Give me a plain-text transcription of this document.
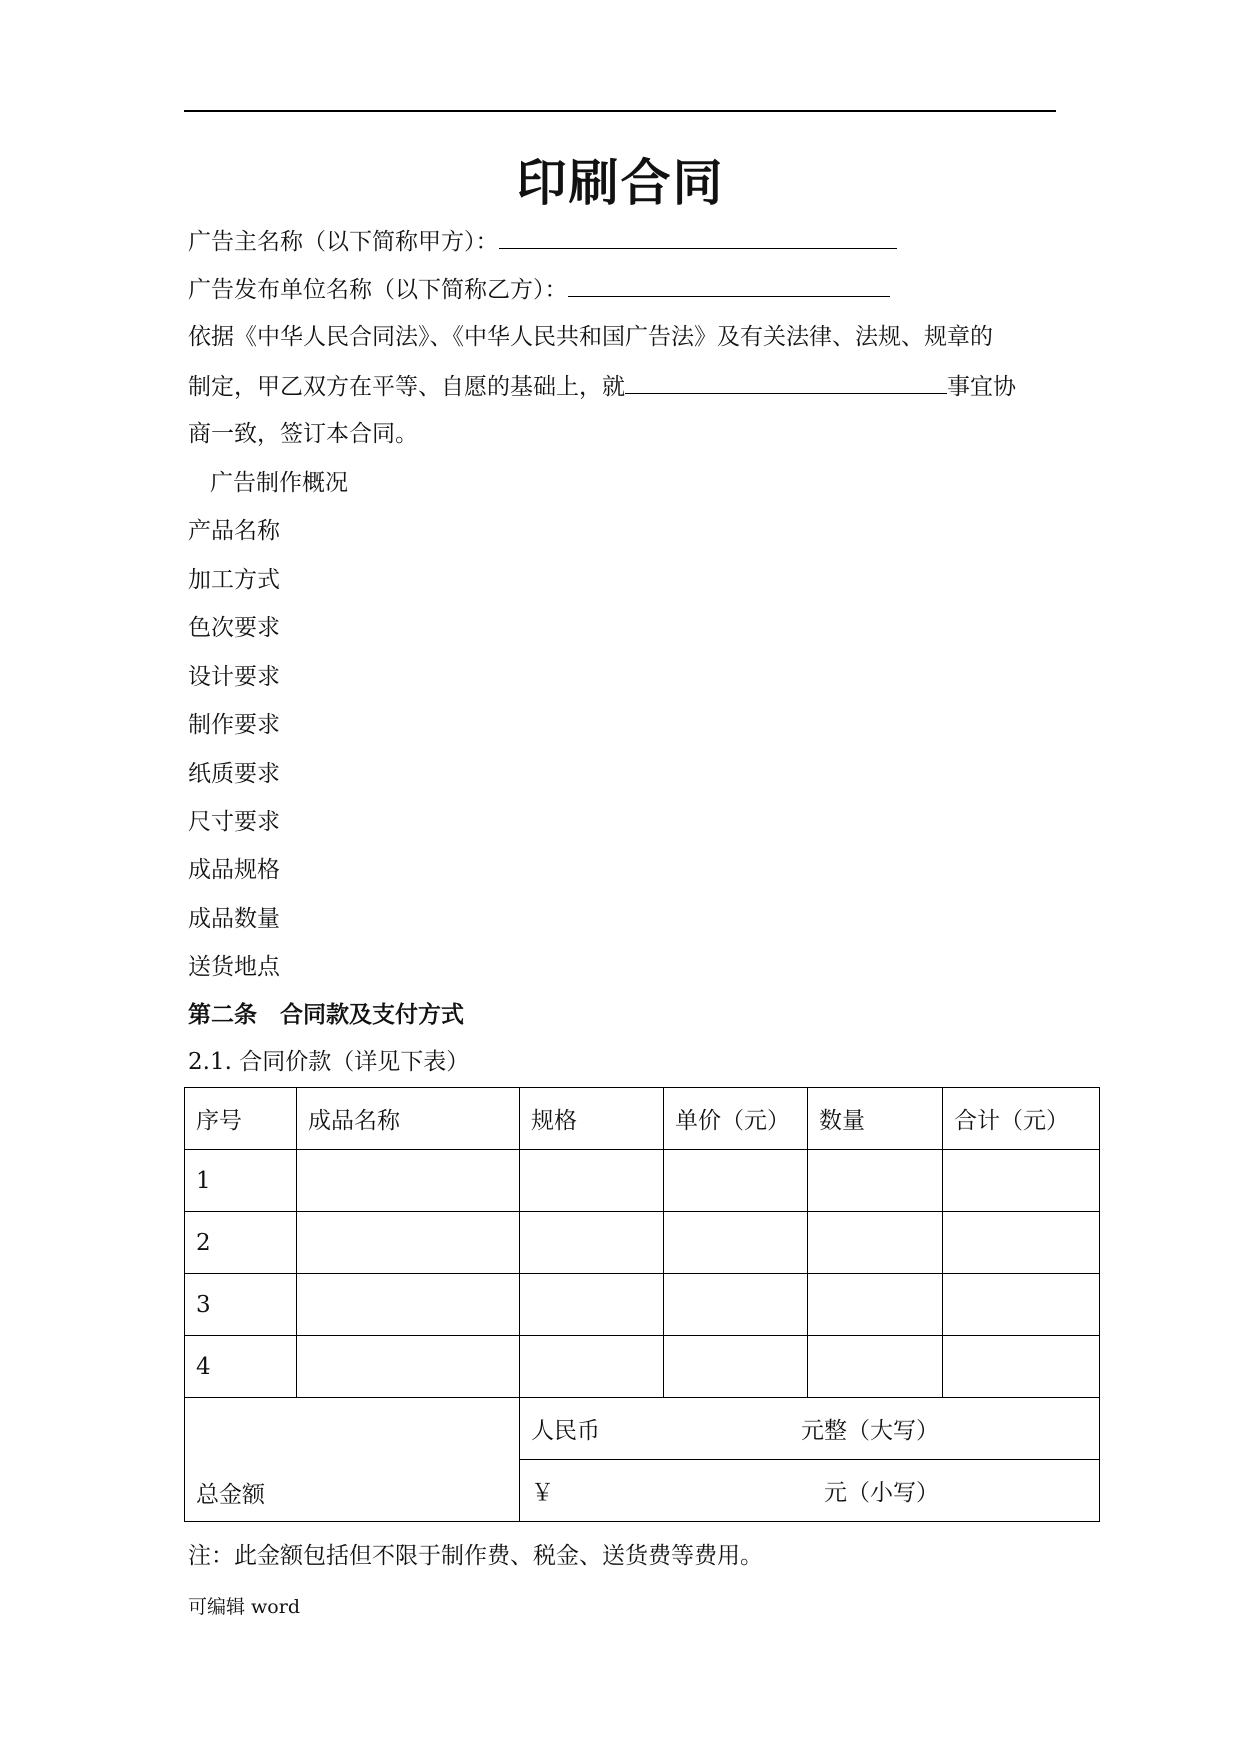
印刷合同
广告主名称（以下简称甲方）：
广告发布单位名称（以下简称乙方）：
依据《中华人民合同法》、《中华人民共和国广告法》及有关法律、法规、规章的
制定，甲乙双方在平等、自愿的基础上，就	事宜协
商一致，签订本合同。
广告制作概况
产品名称
加工方式
色次要求
设计要求
制作要求
纸质要求
尺寸要求
成品规格
成品数量
送货地点
第二条　合同款及支付方式
2.1. 合同价款（详见下表）
序号	成品名称	规格	单价（元）	数量	合计（元）
1					
2					
3					
4					
总金额		人民币 元整（大写）			

		￥ 元（小写）			
注：此金额包括但不限于制作费、税金、送货费等费用。
可编辑 word
